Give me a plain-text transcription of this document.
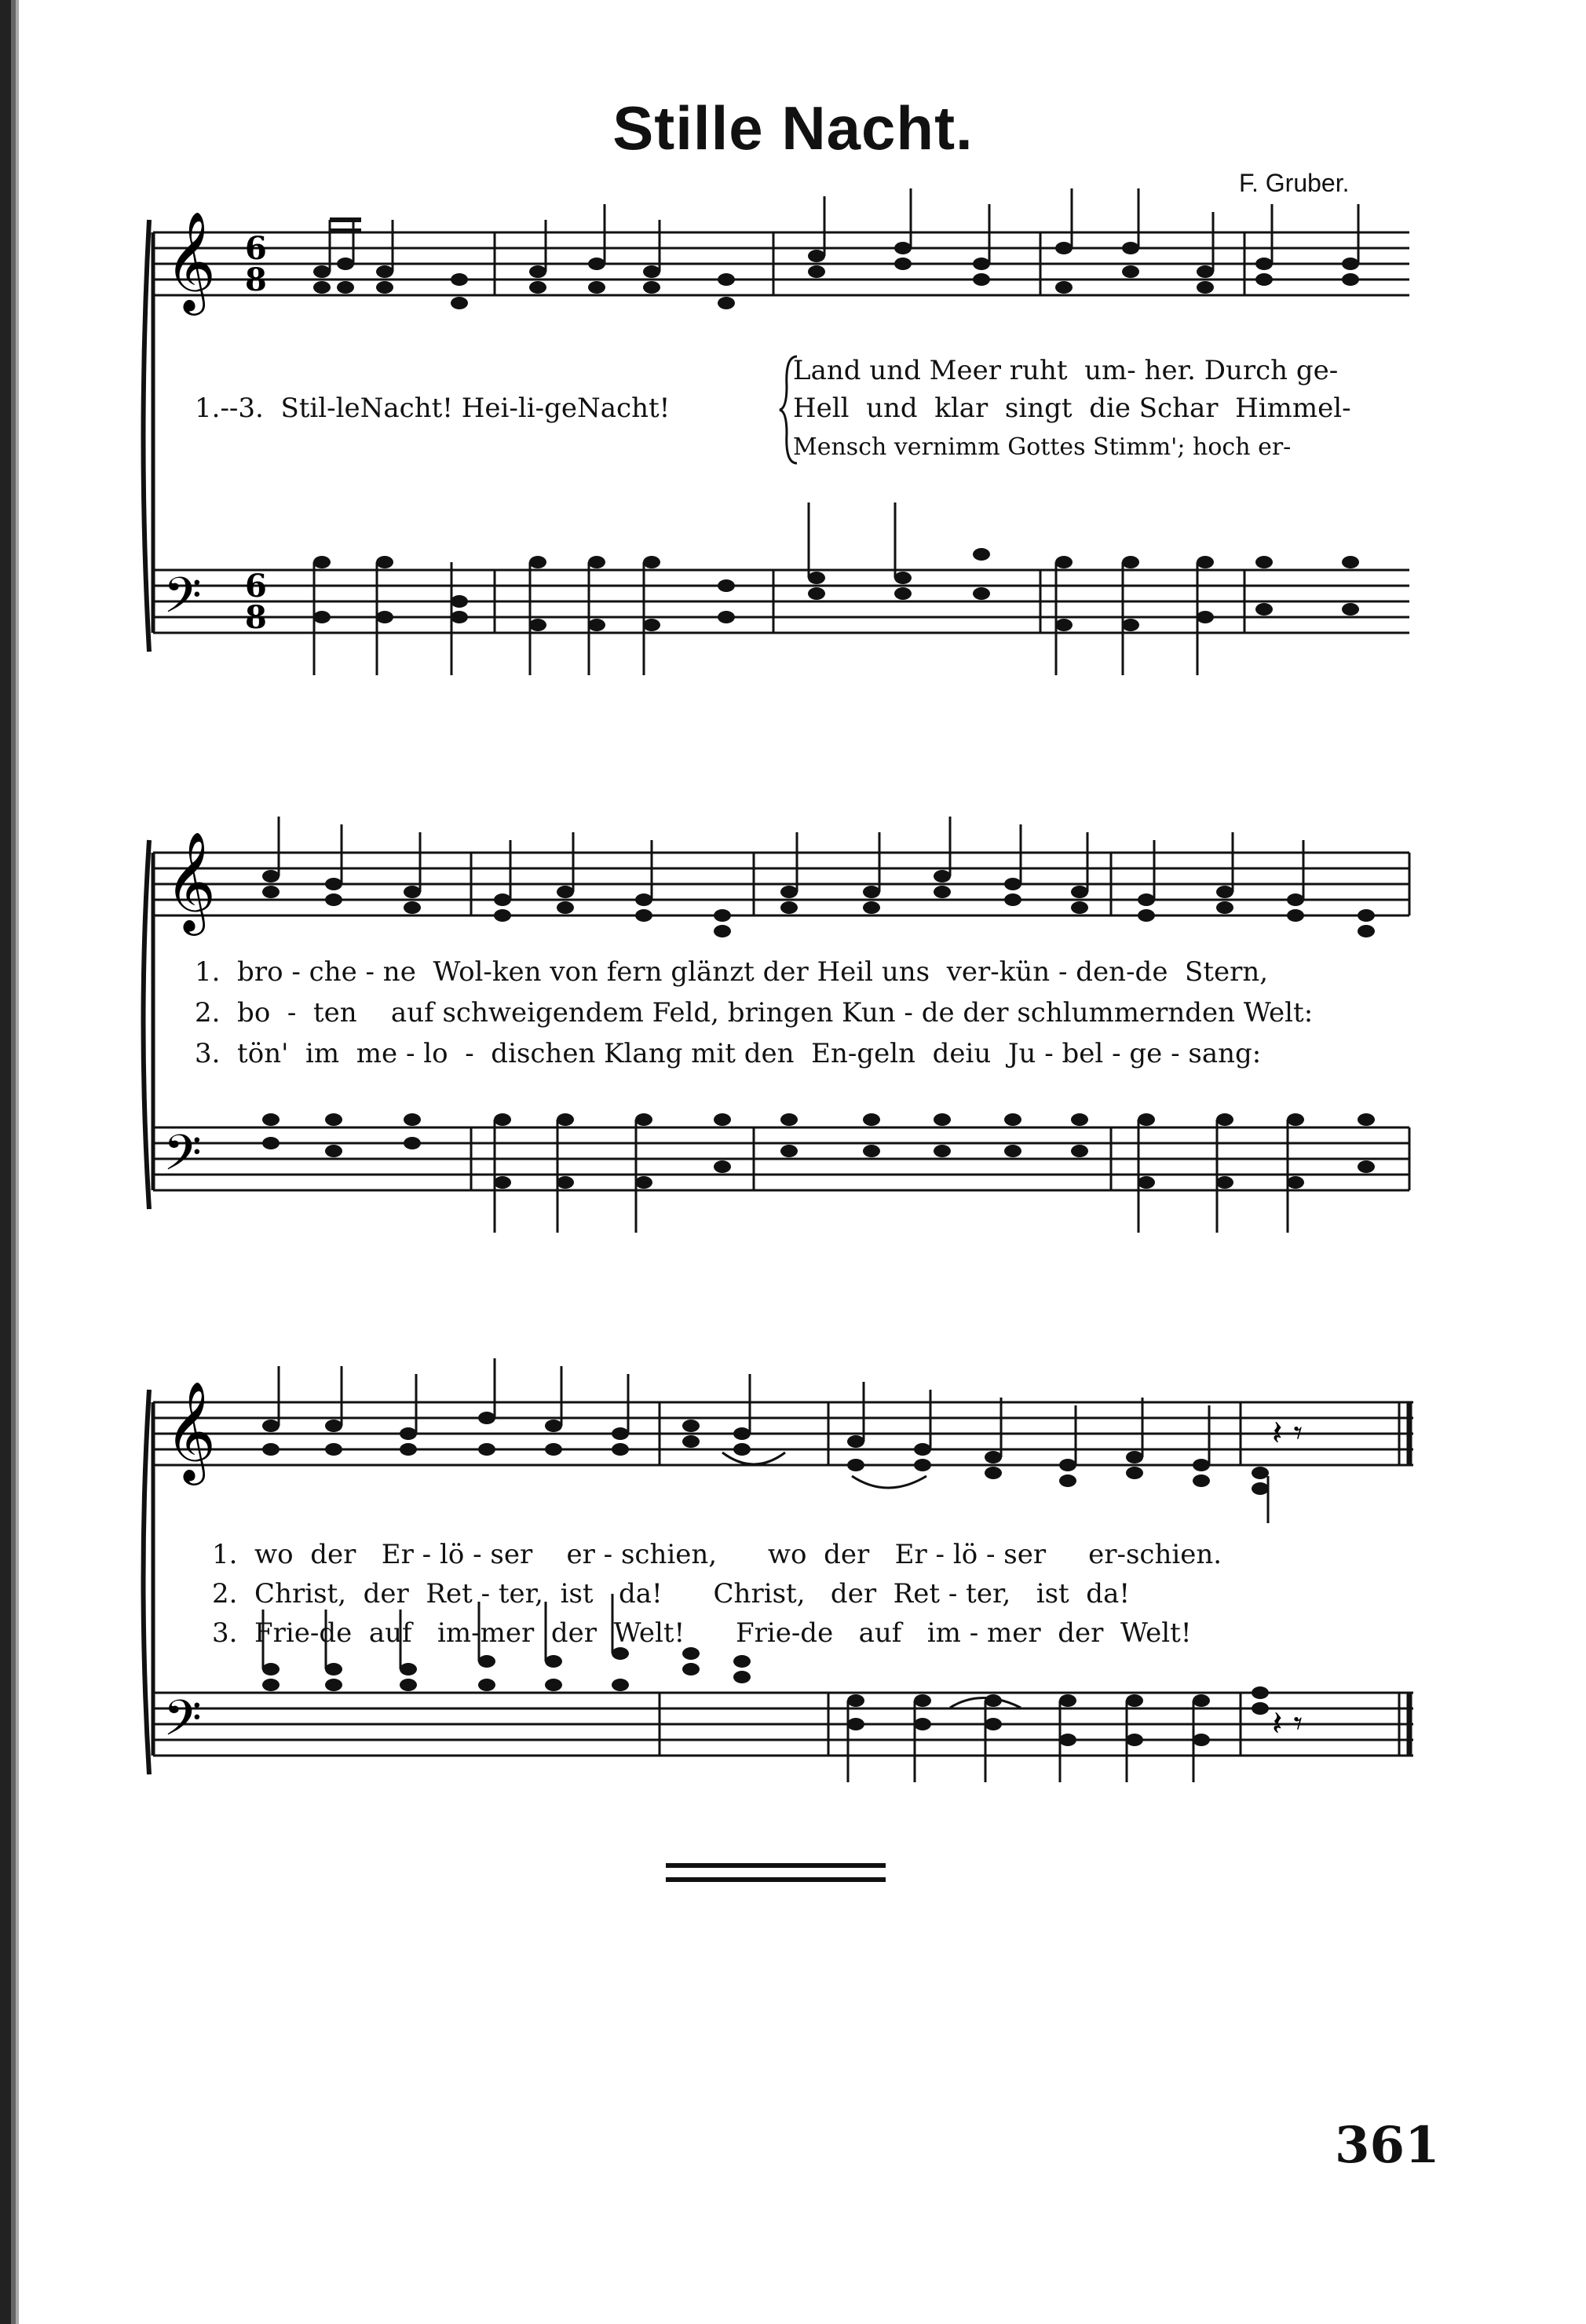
Stille Nacht.
F. Gruber.
𝄞
𝄢
6
8
6
8
1.--3.  Stil-leNacht! Hei-li-geNacht!
Land und Meer ruht  um- her. Durch ge-
Hell  und  klar  singt  die Schar  Himmel-
Mensch vernimm Gottes Stimm'; hoch er-
𝄞
𝄢
1.  bro - che - ne  Wol-ken von fern glänzt der Heil uns  ver-kün - den-de  Stern,
2.  bo  -  ten    auf schweigendem Feld, bringen Kun - de der schlummernden Welt:
3.  tön'  im  me - lo  -  dischen Klang mit den  En-geln  deiu  Ju - bel - ge - sang:
𝄞
𝄢
𝄽 𝄾
𝄽 𝄾
1.  wo  der   Er - lö - ser    er - schien,      wo  der   Er - lö - ser     er-schien.
2.  Christ,  der  Ret - ter,  ist   da!      Christ,   der  Ret - ter,   ist  da!
3.  Frie-de  auf   im-mer  der  Welt!      Frie-de   auf   im - mer  der  Welt!
361
